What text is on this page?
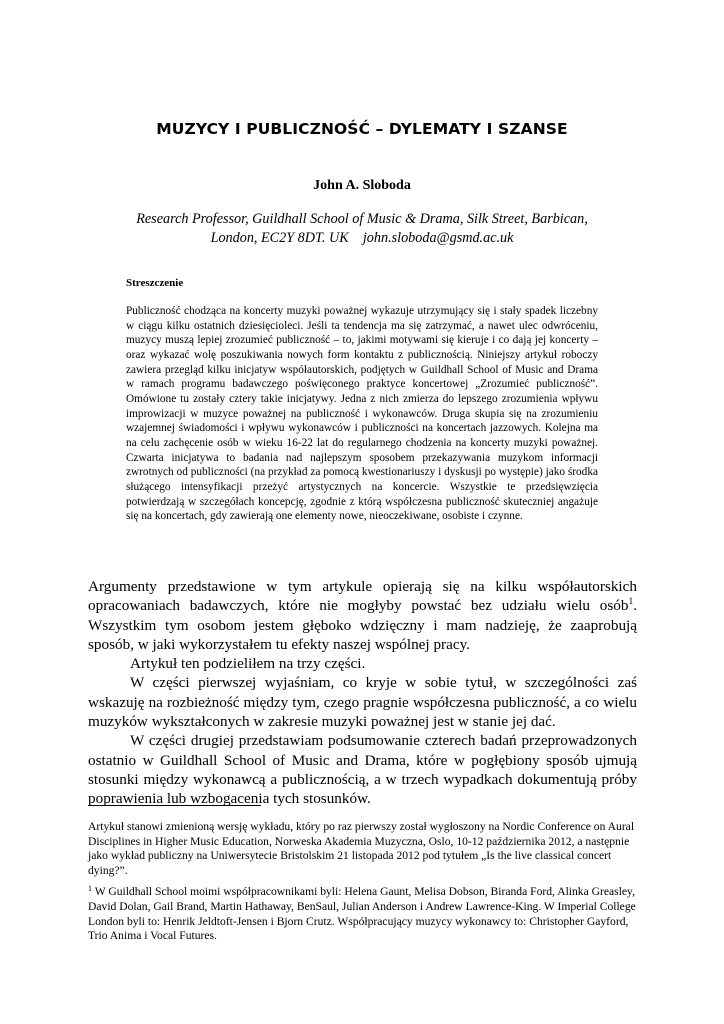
MUZYCY I PUBLICZNOŚĆ – DYLEMATY I SZANSE
John A. Sloboda
Research Professor, Guildhall School of Music & Drama, Silk Street, Barbican,
London, EC2Y 8DT. UK    john.sloboda@gsmd.ac.uk
Streszczenie

Publiczność chodząca na koncerty muzyki poważnej wykazuje utrzymujący się i stały spadek liczebny w ciągu kilku ostatnich dziesięcioleci. Jeśli ta tendencja ma się zatrzymać, a nawet ulec odwróceniu, muzycy muszą lepiej zrozumieć publiczność – to, jakimi motywami się kieruje i co dają jej koncerty – oraz wykazać wolę poszukiwania nowych form kontaktu z publicznością. Niniejszy artykuł roboczy zawiera przegląd kilku inicjatyw współautorskich, podjętych w Guildhall School of Music and Drama w ramach programu badawczego poświęconego praktyce koncertowej „Zrozumieć publiczność”. Omówione tu zostały cztery takie inicjatywy. Jedna z nich zmierza do lepszego zrozumienia wpływu improwizacji w muzyce poważnej na publiczność i wykonawców. Druga skupia się na zrozumieniu wzajemnej świadomości i wpływu wykonawców i publiczności na koncertach jazzowych. Kolejna ma na celu zachęcenie osób w wieku 16-22 lat do regularnego chodzenia na koncerty muzyki poważnej. Czwarta inicjatywa to badania nad najlepszym sposobem przekazywania muzykom informacji zwrotnych od publiczności (na przykład za pomocą kwestionariuszy i dyskusji po występie) jako środka służącego intensyfikacji przeżyć artystycznych na koncercie. Wszystkie te przedsięwzięcia potwierdzają w szczegółach koncepcję, zgodnie z którą współczesna publiczność skuteczniej angażuje się na koncertach, gdy zawierają one elementy nowe, nieoczekiwane, osobiste i czynne.

Argumenty przedstawione w tym artykule opierają się na kilku współautorskich opracowaniach badawczych, które nie mogłyby powstać bez udziału wielu osób$^1$. Wszystkim tym osobom jestem głęboko wdzięczny i mam nadzieję, że zaaprobują sposób, w jaki wykorzystałem tu efekty naszej wspólnej pracy.

Artykuł ten podzieliłem na trzy części.

W części pierwszej wyjaśniam, co kryje w sobie tytuł, w szczególności zaś wskazuję na rozbieżność między tym, czego pragnie współczesna publiczność, a co wielu muzyków wykształconych w zakresie muzyki poważnej jest w stanie jej dać.

W części drugiej przedstawiam podsumowanie czterech badań przeprowadzonych ostatnio w Guildhall School of Music and Drama, które w pogłębiony sposób ujmują stosunki między wykonawcą a publicznością, a w trzech wypadkach dokumentują próby poprawienia lub wzbogacenia tych stosunków.

Artykuł stanowi zmienioną wersję wykładu, który po raz pierwszy został wygłoszony na Nordic Conference on Aural Disciplines in Higher Music Education, Norweska Akademia Muzyczna, Oslo, 10-12 października 2012, a następnie jako wykład publiczny na Uniwersytecie Bristolskim 21 listopada 2012 pod tytułem „Is the live classical concert dying?”.

$^1$ W Guildhall School moimi współpracownikami byli: Helena Gaunt, Melisa Dobson, Biranda Ford, Alinka Greasley, David Dolan, Gail Brand, Martin Hathaway, BenSaul, Julian Anderson i Andrew Lawrence-King. W Imperial College London byli to: Henrik Jeldtoft-Jensen i Bjorn Crutz. Współpracujący muzycy wykonawcy to: Christopher Gayford, Trio Anima i Vocal Futures.
